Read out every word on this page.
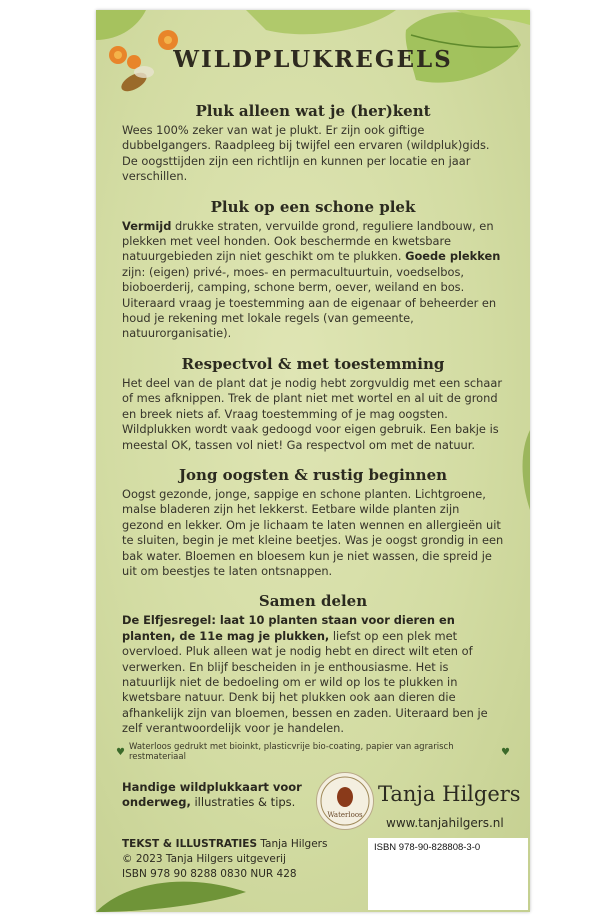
WILDPLUKREGELS
Pluk alleen wat je (her)kent

Wees 100% zeker van wat je plukt. Er zijn ook giftige dubbelgangers. Raadpleeg bij twijfel een ervaren (wildpluk)gids. De oogsttijden zijn een richtlijn en kunnen per locatie en jaar verschillen.

Pluk op een schone plek

Vermijd drukke straten, vervuilde grond, reguliere landbouw, en plekken met veel honden. Ook beschermde en kwetsbare natuurgebieden zijn niet geschikt om te plukken. Goede plekken zijn: (eigen) privé-, moes- en permacultuurtuin, voedselbos, bioboerderij, camping, schone berm, oever, weiland en bos. Uiteraard vraag je toestemming aan de eigenaar of beheerder en houd je rekening met lokale regels (van gemeente, natuurorganisatie).

Respectvol & met toestemming

Het deel van de plant dat je nodig hebt zorgvuldig met een schaar of mes afknippen. Trek de plant niet met wortel en al uit de grond en breek niets af. Vraag toestemming of je mag oogsten. Wildplukken wordt vaak gedoogd voor eigen gebruik. Een bakje is meestal OK, tassen vol niet! Ga respectvol om met de natuur.

Jong oogsten & rustig beginnen

Oogst gezonde, jonge, sappige en schone planten. Lichtgroene, malse bladeren zijn het lekkerst. Eetbare wilde planten zijn gezond en lekker. Om je lichaam te laten wennen en allergieën uit te sluiten, begin je met kleine beetjes. Was je oogst grondig in een bak water. Bloemen en bloesem kun je niet wassen, die spreid je uit om beestjes te laten ontsnappen.

Samen delen

De Elfjesregel: laat 10 planten staan voor dieren en planten, de 11e mag je plukken, liefst op een plek met overvloed. Pluk alleen wat je nodig hebt en direct wilt eten of verwerken. En blijf bescheiden in je enthousiasme. Het is natuurlijk niet de bedoeling om er wild op los te plukken in kwetsbare natuur. Denk bij het plukken ook aan dieren die afhankelijk zijn van bloemen, bessen en zaden. Uiteraard ben je zelf verantwoordelijk voor je handelen.

♥ Waterloos gedrukt met bioinkt, plasticvrije bio-coating, papier van agrarisch restmateriaal	♥
Handige wildplukkaart voor onderweg, illustraties & tips.
Waterloos
Tanja Hilgers
www.tanjahilgers.nl
TEKST & ILLUSTRATIES Tanja Hilgers
© 2023 Tanja Hilgers uitgeverij
ISBN 978 90 8288 0830 NUR 428
ISBN 978-90-828808-3-0
